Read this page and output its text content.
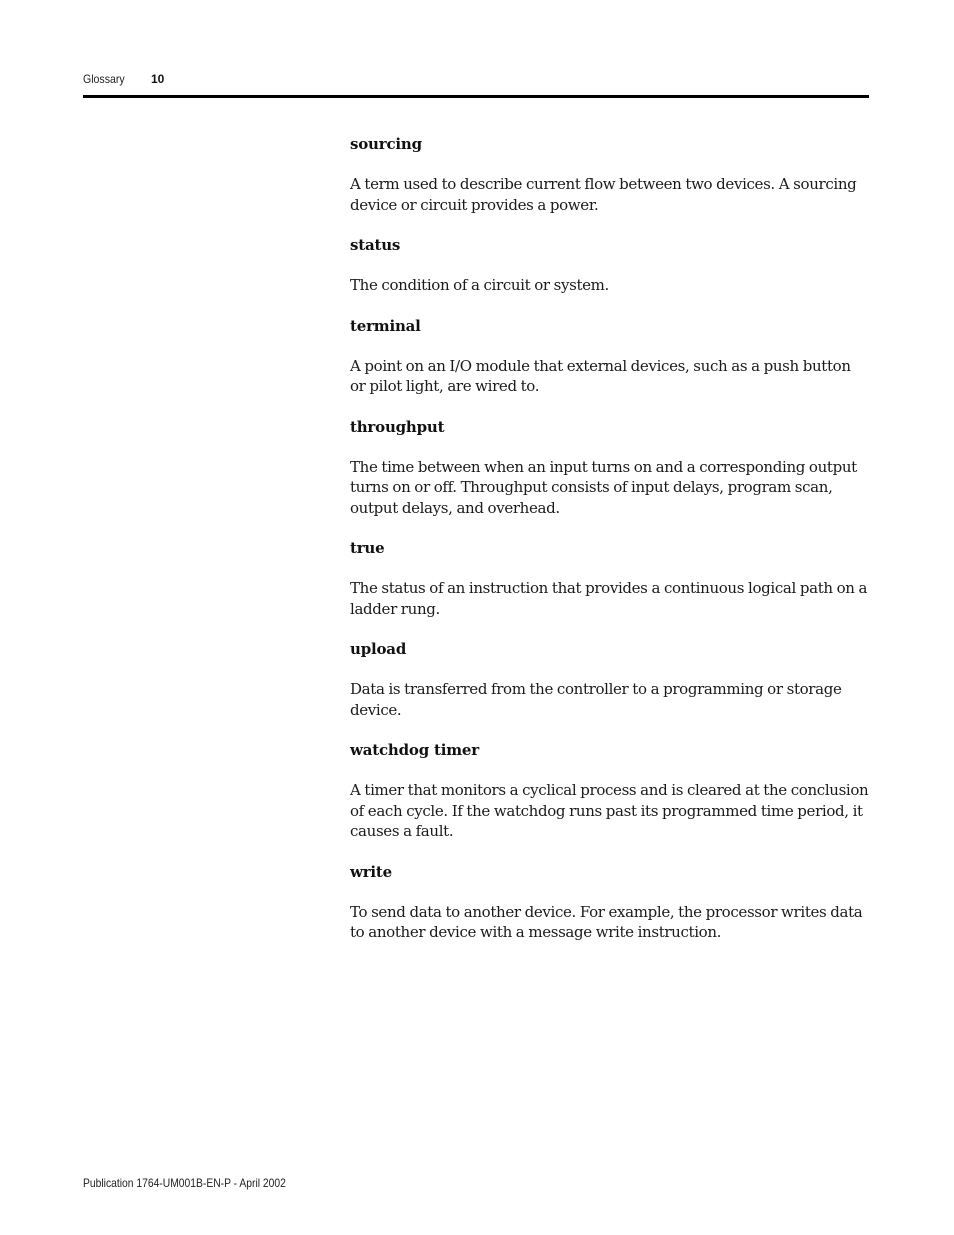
Glossary 10

sourcing

A term used to describe current flow between two devices. A sourcing device or circuit provides a power.

status

The condition of a circuit or system.

terminal

A point on an I/O module that external devices, such as a push button or pilot light, are wired to.

throughput

The time between when an input turns on and a corresponding output turns on or off. Throughput consists of input delays, program scan, output delays, and overhead.

true

The status of an instruction that provides a continuous logical path on a ladder rung.

upload

Data is transferred from the controller to a programming or storage device.

watchdog timer

A timer that monitors a cyclical process and is cleared at the conclusion of each cycle. If the watchdog runs past its programmed time period, it causes a fault.

write

To send data to another device. For example, the processor writes data to another device with a message write instruction.

Publication 1764-UM001B-EN-P - April 2002
